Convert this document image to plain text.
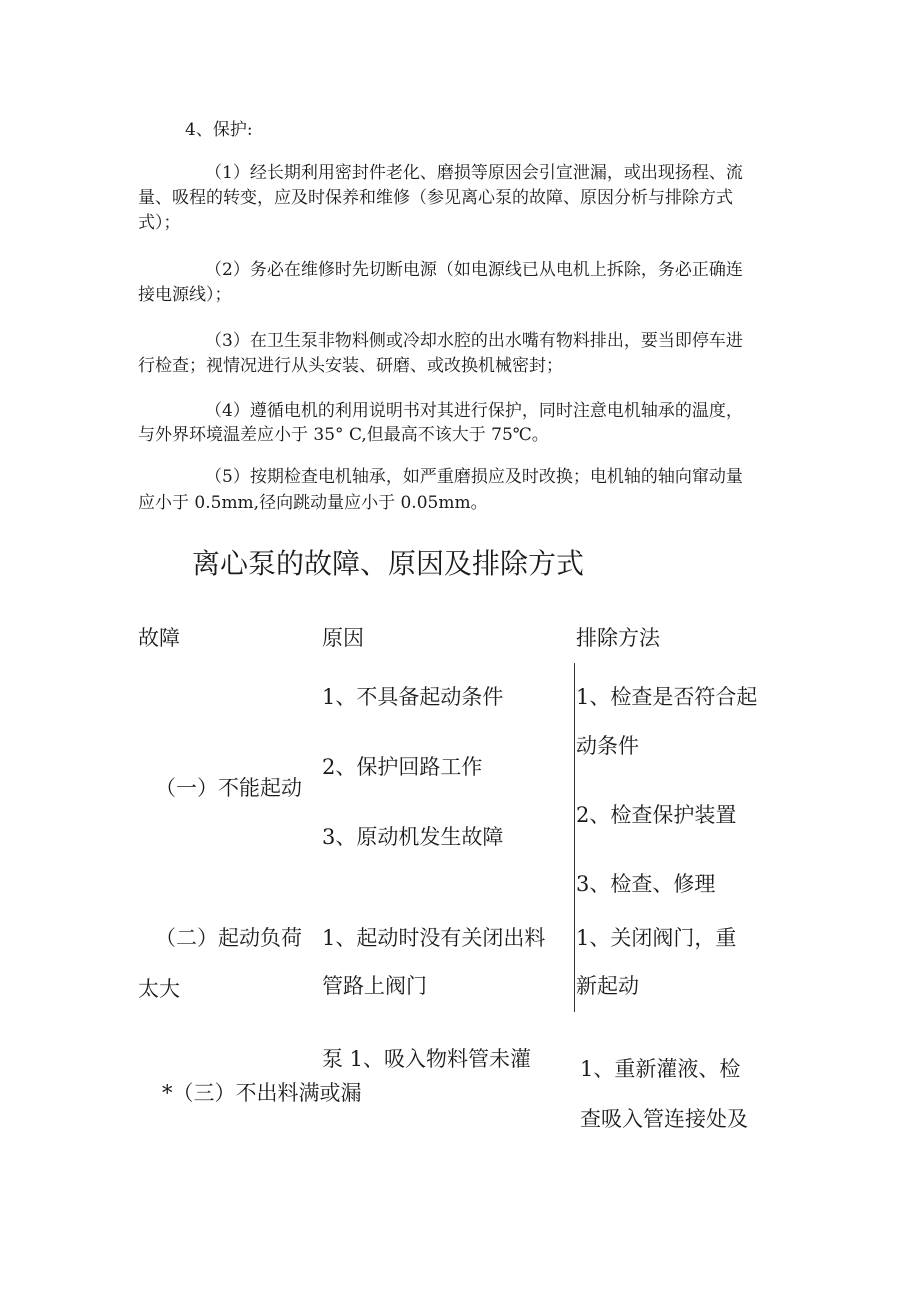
4、保护:
（1）经长期利用密封件老化、磨损等原因会引宣泄漏，或出现扬程、流
量、吸程的转变，应及时保养和维修（参见离心泵的故障、原因分析与排除方式
式）；
（2）务必在维修时先切断电源（如电源线已从电机上拆除，务必正确连
接电源线）；
（3）在卫生泵非物料侧或冷却水腔的出水嘴有物料排出，要当即停车进
行检查；视情况进行从头安装、研磨、或改换机械密封；
（4）遵循电机的利用说明书对其进行保护，同时注意电机轴承的温度，
与外界环境温差应小于 35° C,但最高不该大于 75℃。
（5）按期检查电机轴承，如严重磨损应及时改换；电机轴的轴向窜动量
应小于 0.5mm,径向跳动量应小于 0.05mm。
离心泵的故障、原因及排除方式
故障	原因	排除方法
（一）不能起动
1、不具备起动条件
2、保护回路工作
3、原动机发生故障
1、检查是否符合起
动条件
2、检查保护装置
3、检查、修理
（二）起动负荷
太大
1、起动时没有关闭出料
管路上阀门
1、关闭阀门，重
新起动
*（三）不出料满或漏
泵 1、吸入物料管未灌 1、重新灌液、检
查吸入管连接处及
